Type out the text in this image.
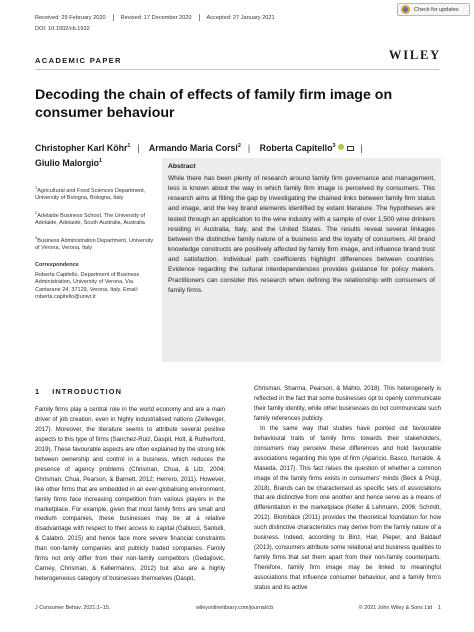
Received: 29 February 2020	Revised: 17 December 2020	Accepted: 27 January 2021
DOI: 10.1002/cb.1932
Check for updates
ACADEMIC PAPER	WILEY
Decoding the chain of effects of family firm image on consumer behaviour
Christopher Karl Köhr$^1$ | Armando Maria Corsi$^2$ | Roberta Capitello$^3$	|
Giulio Malorgio$^1$

$^1$Agricultural and Food Sciences Department, University of Bologna, Bologna, Italy

$^2$Adelaide Business School, The University of Adelaide, Adelaide, South Australia, Australia

$^3$Business Administration Department, University of Verona, Verona, Italy

Correspondence

Roberta Capitello, Department of Business Administration, University of Verona, Via Cantarane 24, 37129, Verona, Italy. Email: roberta.capitello@univr.it

Abstract

While there has been plenty of research around family firm governance and management, less is known about the way in which family firm image is perceived by consumers. This research aims at filling the gap by investigating the chained links between family firm status and image, and the key brand elements identified by extant literature. The hypotheses are tested through an application to the wine industry with a sample of over 1,500 wine drinkers residing in Australia, Italy, and the United States. The results reveal several linkages between the distinctive family nature of a business and the loyalty of consumers. All brand knowledge constructs are positively affected by family firm image, and influence brand trust and satisfaction. Individual path coefficients highlight differences between countries. Evidence regarding the cultural interdependencies provides guidance for policy makers. Practitioners can consider this research when defining the relationship with consumers of family firms.

1 INTRODUCTION

Family firms play a central role in the world economy and are a main driver of job creation, even in highly industrialised nations (Zellweger, 2017). Moreover, the literature seems to attribute several positive aspects to this type of firms (Sanchez-Ruiz, Daspit, Holt, & Rutherford, 2019). These favourable aspects are often explained by the strong link between ownership and control in a business, which reduces the presence of agency problems (Chrisman, Chua, & Litz, 2004; Chrisman, Chua, Pearson, & Barnett, 2012; Herrero, 2011). However, like other firms that are embedded in an ever-globalising environment, family firms face increasing competition from various players in the marketplace. For example, given that most family firms are small and medium companies, these businesses may be at a relative disadvantage with respect to their access to capital (Gallucci, Santulli, & Calabrò, 2015) and hence face more severe financial constraints than non-family companies and publicly traded companies. Family firms not only differ from their non-family competitors (Gedajlovic, Carney, Chrisman, & Kellermanns, 2012) but also are a highly heterogeneous category of businesses themselves (Daspit,

Chrisman, Sharma, Pearson, & Mahto, 2018). This heterogeneity is reflected in the fact that some businesses opt to openly communicate their family identity, while other businesses do not communicate such family references publicly.

In the same way that studies have pointed out favourable behavioural traits of family firms towards their stakeholders, consumers may perceive these differences and hold favourable associations regarding this type of firm (Aparicio, Basco, Iturralde, & Maseda, 2017). This fact raises the question of whether a common image of the family firms exists in consumers' minds (Beck & Prügl, 2018). Brands can be characterised as specific sets of associations that are distinctive from one another and hence serve as a means of differentiation in the marketplace (Keller & Lehmann, 2006; Schmitt, 2012). Blombäck (2011) provides the theoretical foundation for how such distinctive characteristics may derive from the family nature of a business. Indeed, according to Binz, Hair, Pieper, and Baldauf (2013), consumers attribute some relational and business qualities to family firms that set them apart from their non-family counterparts. Therefore, family firm image may be linked to meaningful associations that influence consumer behaviour, and a family firm's status and its active

J Consumer Behav. 2021;1–15.	wileyonlinelibrary.com/journal/cb	© 2021 John Wiley & Sons Ltd 1
